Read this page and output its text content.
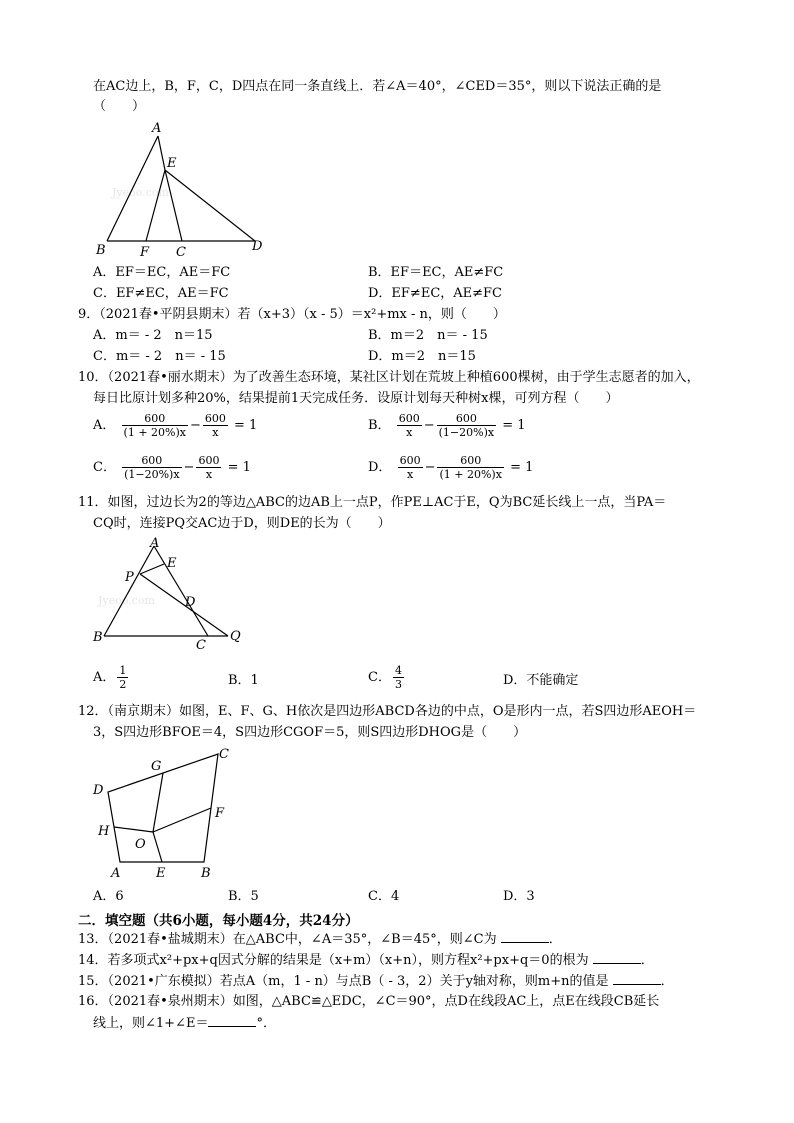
在AC边上，B，F，C，D四点在同一条直线上．若∠A＝40°，∠CED＝35°，则以下说法正确的是
（　　）
Jyeoo.com
A
E
B	F C	D
A．EF＝EC，AE＝FC	B．EF＝EC，AE≠FC
C．EF≠EC，AE＝FC	D．EF≠EC，AE≠FC
9．（2021春•平阴县期末）若（x+3）（x - 5）＝x²+mx - n，则（　　）
A．m＝ - 2　n＝15	B．m＝2　n＝ - 15
C．m＝ - 2　n＝ - 15	D．m＝2　n＝15
10．（2021春•丽水期末）为了改善生态环境，某社区计划在荒坡上种植600棵树，由于学生志愿者的加入，
每日比原计划多种20%，结果提前1天完成任务．设原计划每天种树x棵，可列方程（　　）
A． $\frac{600}{(1 + 20\%)x} - \frac{600}{x} = 1$	B． $\frac{600}{x} - \frac{600}{(1-20\%)x} = 1$
C． $\frac{600}{(1-20\%)x} - \frac{600}{x} = 1$	D． $\frac{600}{x} - \frac{600}{(1 + 20\%)x} = 1$
11．如图，过边长为2的等边△ABC的边AB上一点P，作PE⊥AC于E，Q为BC延长线上一点，当PA＝
CQ时，连接PQ交AC边于D，则DE的长为（　　）
Jyeoo.com
A
E
P
D
B
C
Q
A． $\frac{1}{2}$	B．1	C． $\frac{4}{3}$	D．不能确定
12．（南京期末）如图，E、F、G、H依次是四边形ABCD各边的中点，O是形内一点，若S四边形AEOH＝
3，S四边形BFOE＝4，S四边形CGOF＝5，则S四边形DHOG是（　　）
G
C
D
F
H
O
A	E	B
A．6	B．5	C．4	D．3
二．填空题（共6小题，每小题4分，共24分）
13．（2021春•盐城期末）在△ABC中，∠A＝35°，∠B＝45°，则∠C为	．
14．若多项式x²+px+q因式分解的结果是（x+m）（x+n），则方程x²+px+q＝0的根为	．
15．（2021•广东模拟）若点A（m，1 - n）与点B（ - 3，2）关于y轴对称，则m+n的值是	．
16．（2021春•泉州期末）如图，△ABC≌△EDC，∠C＝90°，点D在线段AC上，点E在线段CB延长
线上，则∠1+∠E＝	°．
